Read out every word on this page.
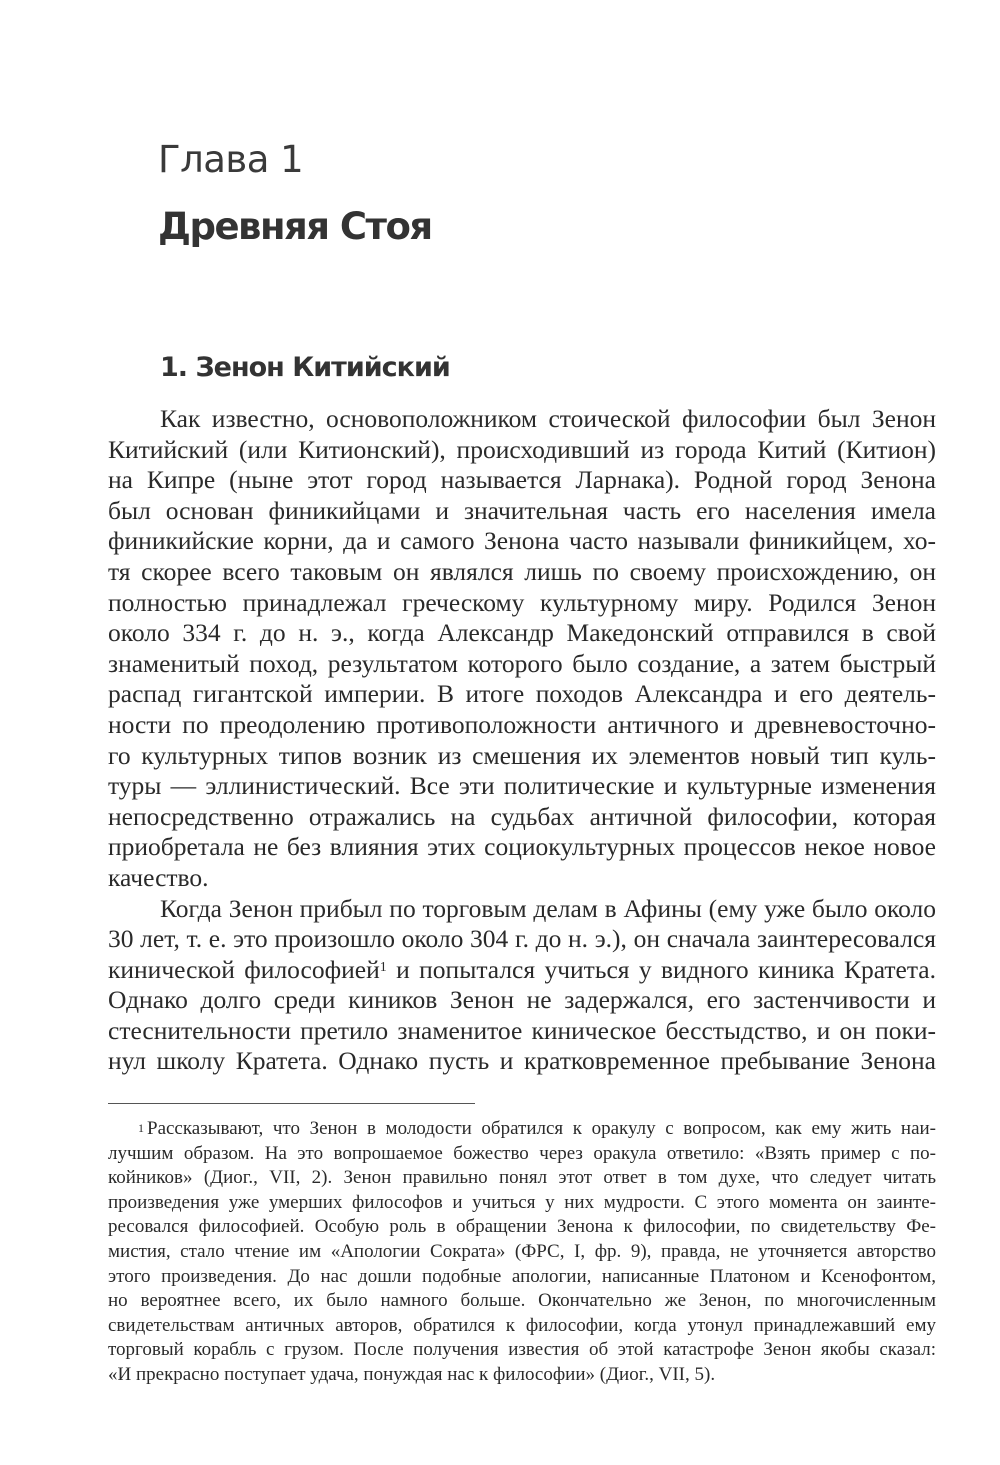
Глава 1
Древняя Стоя
1. Зенон Китийский
Как известно, основоположником стоической философии был Зенон
Китийский (или Китионский), происходивший из города Китий (Китион)
на Кипре (ныне этот город называется Ларнака). Родной город Зенона
был основан финикийцами и значительная часть его населения имела
финикийские корни, да и самого Зенона часто называли финикийцем, хо-
тя скорее всего таковым он являлся лишь по своему происхождению, он
полностью принадлежал греческому культурному миру. Родился Зенон
около 334 г. до н. э., когда Александр Македонский отправился в свой
знаменитый поход, результатом которого было создание, а затем быстрый
распад гигантской империи. В итоге походов Александра и его деятель-
ности по преодолению противоположности античного и древневосточно-
го культурных типов возник из смешения их элементов новый тип куль-
туры — эллинистический. Все эти политические и культурные изменения
непосредственно отражались на судьбах античной философии, которая
приобретала не без влияния этих социокультурных процессов некое новое
качество.
Когда Зенон прибыл по торговым делам в Афины (ему уже было около
30 лет, т. е. это произошло около 304 г. до н. э.), он сначала заинтересовался
кинической философией$^1$ и попытался учиться у видного киника Кратета.
Однако долго среди киников Зенон не задержался, его застенчивости и
стеснительности претило знаменитое киническое бесстыдство, и он поки-
нул школу Кратета. Однако пусть и кратковременное пребывание Зенона
$^1$ Рассказывают, что Зенон в молодости обратился к оракулу с вопросом, как ему жить наи-
лучшим образом. На это вопрошаемое божество через оракула ответило: «Взять пример с по-
койников» (Диог., VII, 2). Зенон правильно понял этот ответ в том духе, что следует читать
произведения уже умерших философов и учиться у них мудрости. С этого момента он заинте-
ресовался философией. Особую роль в обращении Зенона к философии, по свидетельству Фе-
мистия, стало чтение им «Апологии Сократа» (ФРС, I, фр. 9), правда, не уточняется авторство
этого произведения. До нас дошли подобные апологии, написанные Платоном и Ксенофонтом,
но вероятнее всего, их было намного больше. Окончательно же Зенон, по многочисленным
свидетельствам античных авторов, обратился к философии, когда утонул принадлежавший ему
торговый корабль с грузом. После получения известия об этой катастрофе Зенон якобы сказал:
«И прекрасно поступает удача, понуждая нас к философии» (Диог., VII, 5).
